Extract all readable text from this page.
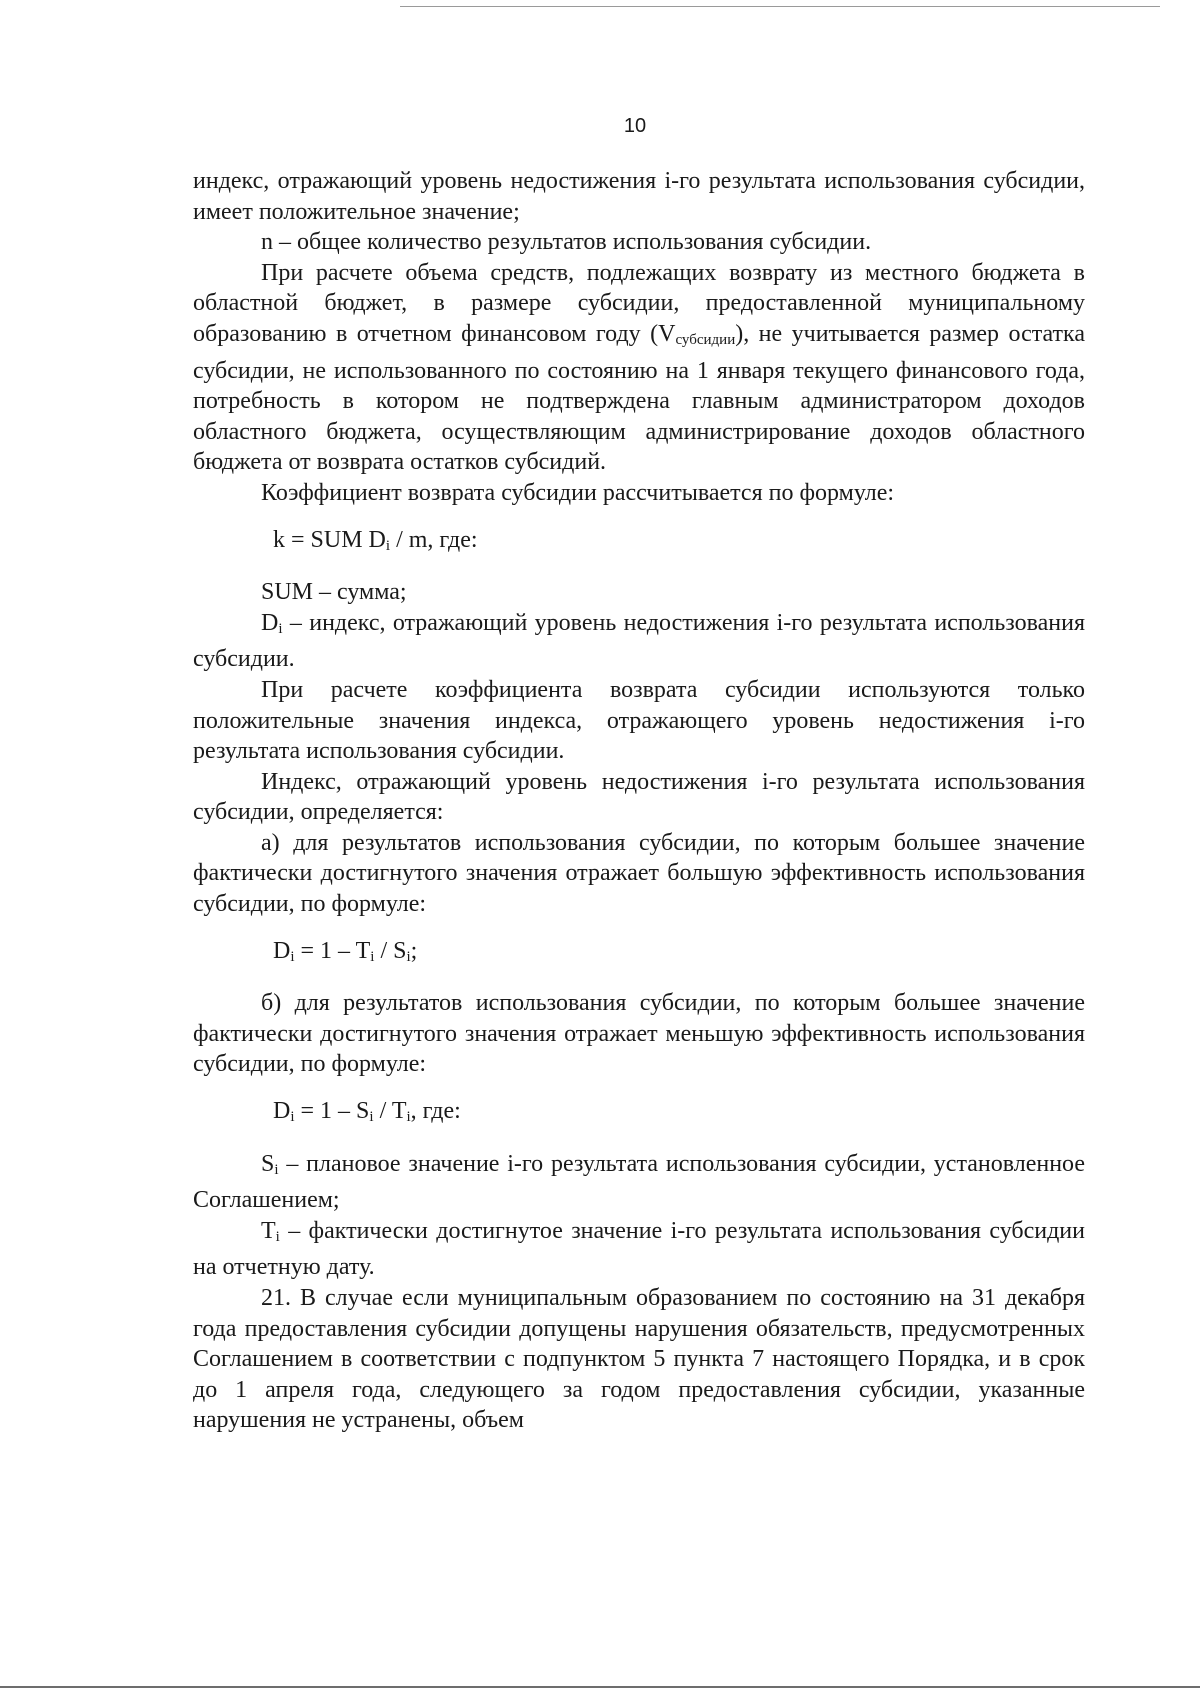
10

индекс, отражающий уровень недостижения i-го результата использования субсидии, имеет положительное значение;

n – общее количество результатов использования субсидии.

При расчете объема средств, подлежащих возврату из местного бюджета в областной бюджет, в размере субсидии, предоставленной муниципальному образованию в отчетном финансовом году $(V_{субсидии})$, не учитывается размер остатка субсидии, не использованного по состоянию на 1 января текущего финансового года, потребность в котором не подтверждена главным администратором доходов областного бюджета, осуществляющим администрирование доходов областного бюджета от возврата остатков субсидий.

Коэффициент возврата субсидии рассчитывается по формуле:

k = SUM $D_i$ / m, где:

SUM – сумма;

$D_i$ – индекс, отражающий уровень недостижения i-го результата использования субсидии.

При расчете коэффициента возврата субсидии используются только положительные значения индекса, отражающего уровень недостижения i-го результата использования субсидии.

Индекс, отражающий уровень недостижения i-го результата использования субсидии, определяется:

а) для результатов использования субсидии, по которым большее значение фактически достигнутого значения отражает большую эффективность использования субсидии, по формуле:

$D_i = 1 - T_i / S_i$;

б) для результатов использования субсидии, по которым большее значение фактически достигнутого значения отражает меньшую эффективность использования субсидии, по формуле:

$D_i = 1 - S_i / T_i$, где:

$S_i$ – плановое значение i-го результата использования субсидии, установленное Соглашением;

$T_i$ – фактически достигнутое значение i-го результата использования субсидии на отчетную дату.

21. В случае если муниципальным образованием по состоянию на 31 декабря года предоставления субсидии допущены нарушения обязательств, предусмотренных Соглашением в соответствии с подпунктом 5 пункта 7 настоящего Порядка, и в срок до 1 апреля года, следующего за годом предоставления субсидии, указанные нарушения не устранены, объем
